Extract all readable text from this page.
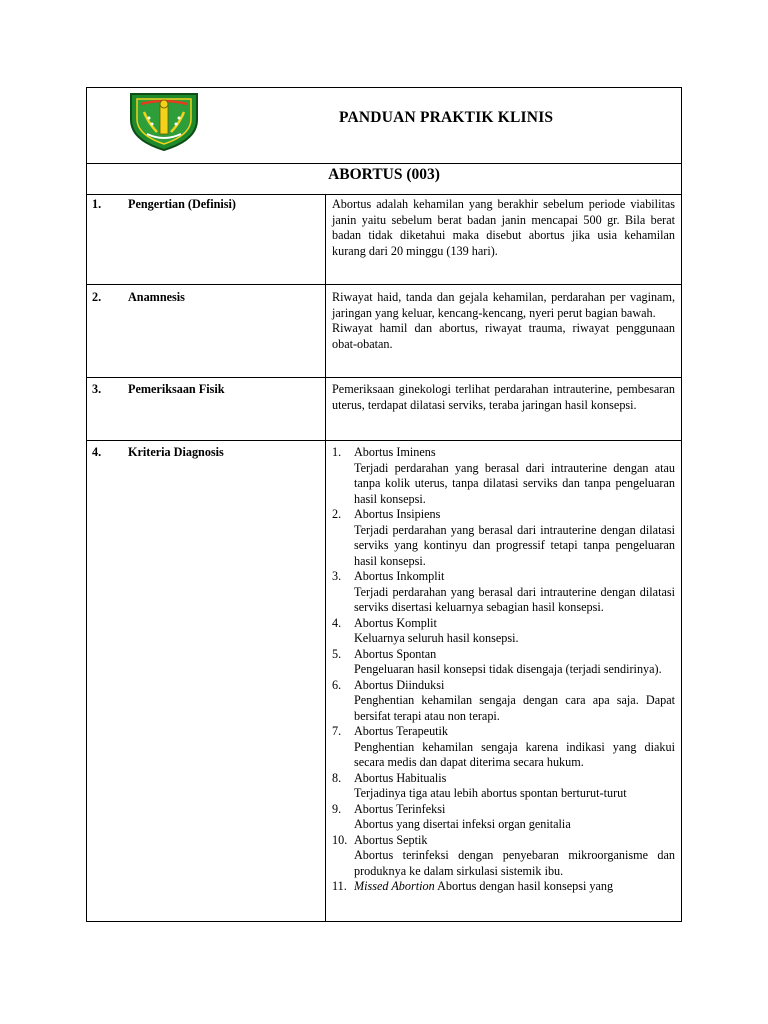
PANDUAN PRAKTIK KLINIS
ABORTUS (003)
1. Pengertian (Definisi)	Abortus adalah kehamilan yang berakhir sebelum periode viabilitas janin yaitu sebelum berat badan janin mencapai 500 gr. Bila berat badan tidak diketahui maka disebut abortus jika usia kehamilan kurang dari 20 minggu (139 hari).

2. Anamnesis	Riwayat haid, tanda dan gejala kehamilan, perdarahan per vaginam, jaringan yang keluar, kencang-kencang, nyeri perut bagian bawah.

Riwayat hamil dan abortus, riwayat trauma, riwayat penggunaan obat-obatan.

3. Pemeriksaan Fisik	Pemeriksaan ginekologi terlihat perdarahan intrauterine, pembesaran uterus, terdapat dilatasi serviks, teraba jaringan hasil konsepsi.

4. Kriteria Diagnosis	1. Abortus Iminens
Terjadi perdarahan yang berasal dari intrauterine dengan atau tanpa kolik uterus, tanpa dilatasi serviks dan tanpa pengeluaran hasil konsepsi.
2. Abortus Insipiens
Terjadi perdarahan yang berasal dari intrauterine dengan dilatasi serviks yang kontinyu dan progressif tetapi tanpa pengeluaran hasil konsepsi.
3. Abortus Inkomplit
Terjadi perdarahan yang berasal dari intrauterine dengan dilatasi serviks disertasi keluarnya sebagian hasil konsepsi.
4. Abortus Komplit
Keluarnya seluruh hasil konsepsi.
5. Abortus Spontan
Pengeluaran hasil konsepsi tidak disengaja (terjadi sendirinya).
6. Abortus Diinduksi
Penghentian kehamilan sengaja dengan cara apa saja. Dapat bersifat terapi atau non terapi.
7. Abortus Terapeutik
Penghentian kehamilan sengaja karena indikasi yang diakui secara medis dan dapat diterima secara hukum.
8. Abortus Habitualis
Terjadinya tiga atau lebih abortus spontan berturut-turut
9. Abortus Terinfeksi
Abortus yang disertai infeksi organ genitalia
10. Abortus Septik
Abortus terinfeksi dengan penyebaran mikroorganisme dan produknya ke dalam sirkulasi sistemik ibu.
11. Missed Abortion Abortus dengan hasil konsepsi yang
